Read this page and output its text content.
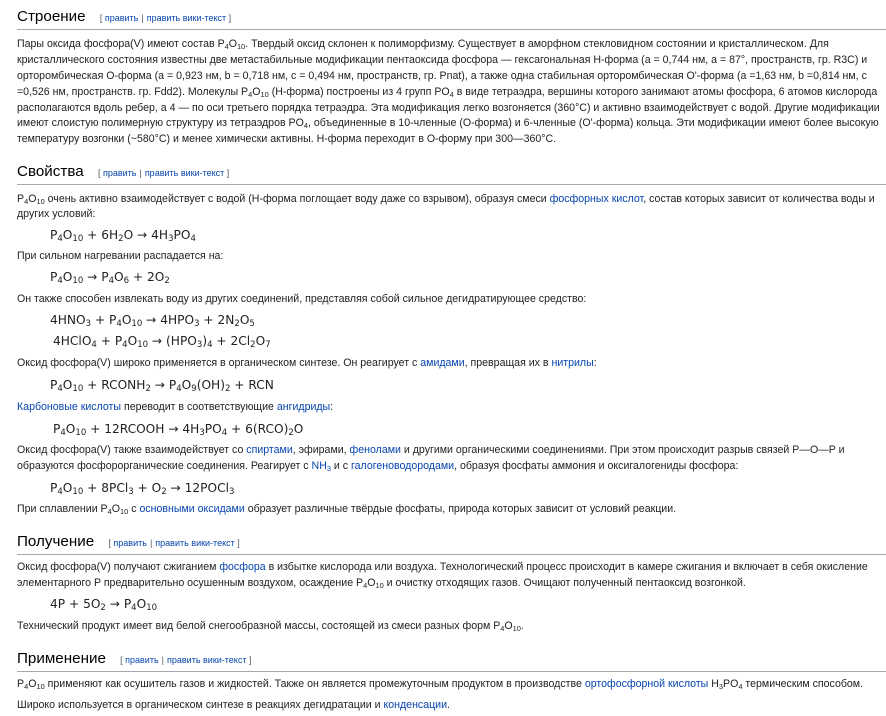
Строение [ править | править вики-текст ]

Пары оксида фосфора(V) имеют состав $P_4O_{10}$. Твердый оксид склонен к полиморфизму. Существует в аморфном стеклови​дном состоянии и кристаллическом. Для

кристаллического состояния известны две метастабильные модификации пентаоксида фосфора — гексагональная H-форма (a = 0,744 нм, a = 87°, пространств, гр. R3C) и

орторомбическая O-форма (a = 0,923 нм, b = 0,718 нм, c = 0,494 нм, пространств, гр. Pnat), а также одна стабильная орторомбическая O'-форма (a =1,63 нм, b =0,814 нм, c

=0,526 нм, пространств. гр. Fdd2). Молекулы $P_4O_{10}$ (H-форма) построены из 4 групп $PO_4$ в виде тетраэдра, вершины которого занимают атомы фосфора, 6 атомов кислорода

располагаются вдоль ребер, а 4 — по оси третьего порядка тетраэдра. Эта модификация легко возгоняется (360°С) и активно взаимодействует с водой. Другие модификации

имеют слоистую полимерную структуру из тетраэдров $PO_4$, объединенные в 10-членные (O-форма) и 6-членные (O'-форма) кольца. Эти модификации имеют более высокую

температуру возгонки (~580°С) и менее химически активны. H-форма переходит в O-форму при 300—360°С.

Свойства [ править | править вики-текст ]

$P_4O_{10}$ очень активно взаимодействует с водой (H-форма поглощает воду даже со взрывом), образуя смеси фосфорных кислот, состав которых зависит от количества воды и

других условий:

$P_4O_{10} + 6H_2O \to 4H_3PO_4$

При сильном нагревании распадается на:

$P_4O_{10} \to P_4O_6 + 2O_2$

Он также способен извлекать воду из других соединений, представляя собой сильное дегидратирующее средство:

$4HNO_3 + P_4O_{10} \to 4HPO_3 + 2N_2O_5$
4HClO$_4$ + $P_4O_{10} \to (HPO_3)_4 + 2Cl_2O_7$

Оксид фосфора(V) широко применяется в органическом синтезе. Он реагирует с амидами, превращая их в нитрилы:

$P_4O_{10}$ + $RCONH_2 \to P_4O_9(OH)_2$ + RCN

Карбоновые кислоты переводит в соответствующие ангидриды:

$P_4O_{10}$ + 12RCOOH → $4H_3PO_4 + 6(RCO)_2O$

Оксид фосфора(V) также взаимодействует со спиртами, эфирами, фенолами и другими органическими соединениями. При этом происходит разрыв связей P—O—P и

образуются фосфорорганические соединения. Реагирует с $NH_3$ и с галогеноводородами, образуя фосфаты аммония и оксигалогениды фосфора:

$P_4O_{10} + 8PCl_3 + O_2$ → 12POCl$_3$

При сплавлении $P_4O_{10}$ с основными оксидами образует различные твёрдые фосфаты, природа которых зависит от условий реакции.

Получение [ править | править вики-текст ]

Оксид фосфора(V) получают сжиганием фосфора в избытке кислорода или воздуха. Технологический процесс происходит в камере сжигания и включает в себя окисление

элементарного P предварительно осушенным воздухом, осаждение $P_4O_{10}$ и очистку отходящих газов. Очищают полученный пентаоксид возгонкой.

$4P + 5O_2 \to P_4O_{10}$

Технический продукт имеет вид белой снегообразной массы, состоящей из смеси разных форм $P_4O_{10}$.

Применение [ править | править вики-текст ]

$P_4O_{10}$ применяют как осушитель газов и жидкостей. Также он является промежуточным продуктом в производстве ортофосфорной кислоты $H_3PO_4$ термическим способом.

Широко используется в органическом синтезе в реакциях дегидратации и конденсации.
